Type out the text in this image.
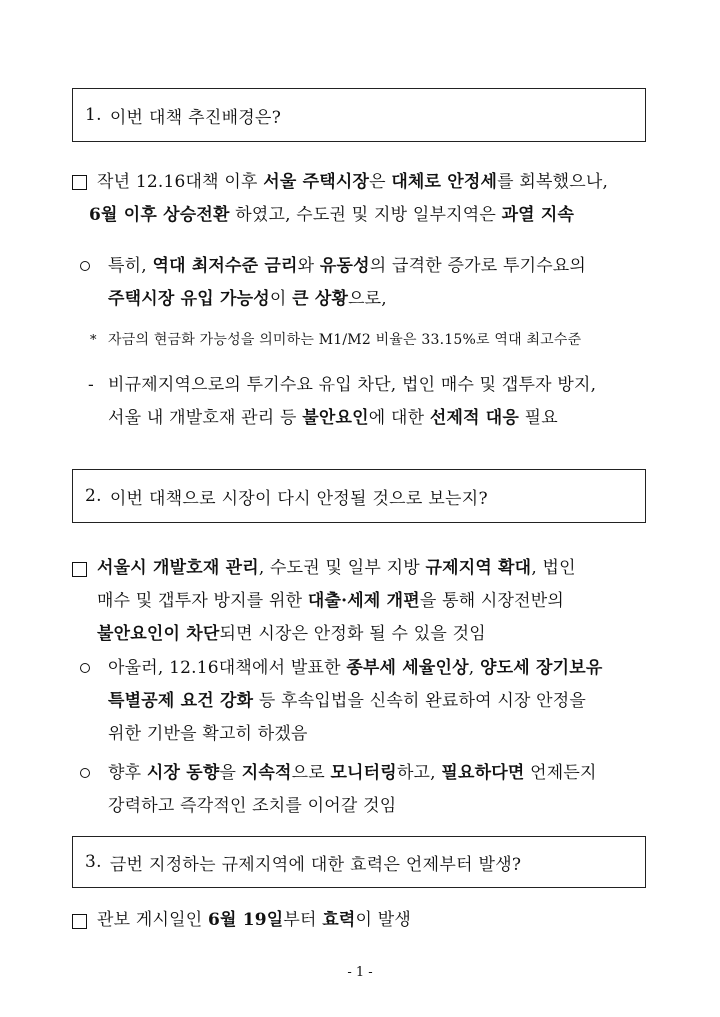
1. 이번 대책 추진배경은?
작년 12.16대책 이후 서울 주택시장은 대체로 안정세를 회복했으나,
6월 이후 상승전환 하였고, 수도권 및 지방 일부지역은 과열 지속
특히, 역대 최저수준 금리와 유동성의 급격한 증가로 투기수요의
주택시장 유입 가능성이 큰 상황으로,
* 자금의 현금화 가능성을 의미하는 M1/M2 비율은 33.15%로 역대 최고수준
- 비규제지역으로의 투기수요 유입 차단, 법인 매수 및 갭투자 방지,
서울 내 개발호재 관리 등 불안요인에 대한 선제적 대응 필요
2. 이번 대책으로 시장이 다시 안정될 것으로 보는지?
서울시 개발호재 관리, 수도권 및 일부 지방 규제지역 확대, 법인
매수 및 갭투자 방지를 위한 대출·세제 개편을 통해 시장전반의
불안요인이 차단되면 시장은 안정화 될 수 있을 것임
아울러, 12.16대책에서 발표한 종부세 세율인상, 양도세 장기보유
특별공제 요건 강화 등 후속입법을 신속히 완료하여 시장 안정을
위한 기반을 확고히 하겠음
향후 시장 동향을 지속적으로 모니터링하고, 필요하다면 언제든지
강력하고 즉각적인 조치를 이어갈 것임
3. 금번 지정하는 규제지역에 대한 효력은 언제부터 발생?
관보 게시일인 6월 19일부터 효력이 발생
- 1 -
